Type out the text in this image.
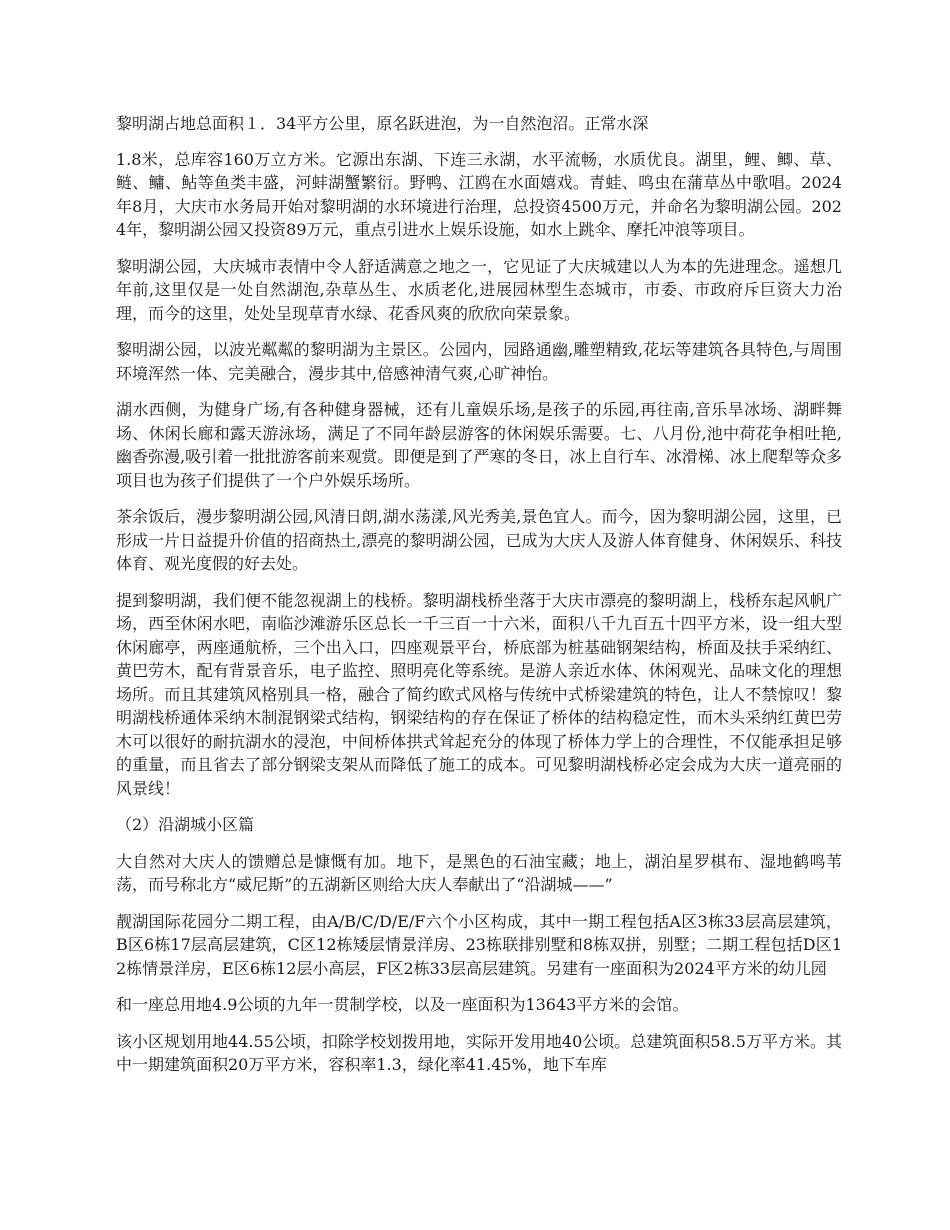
黎明湖占地总面积１．34平方公里，原名跃进泡，为一自然泡沼。正常水深

1.8米，总库容160万立方米。它源出东湖、下连三永湖，水平流畅，水质优良。湖里，鲤、鲫、草、鲢、鳙、鲇等鱼类丰盛，河蚌湖蟹繁衍。野鸭、江鸥在水面嬉戏。青蛙、鸣虫在蒲草丛中歌唱。2024年8月，大庆市水务局开始对黎明湖的水环境进行治理，总投资4500万元，并命名为黎明湖公园。2024年，黎明湖公园又投资89万元，重点引进水上娱乐设施，如水上跳伞、摩托冲浪等项目。

黎明湖公园，大庆城市表情中令人舒适满意之地之一，它见证了大庆城建以人为本的先进理念。遥想几年前,这里仅是一处自然湖泡,杂草丛生、水质老化,进展园林型生态城市，市委、市政府斥巨资大力治理，而今的这里，处处呈现草青水绿、花香风爽的欣欣向荣景象。

黎明湖公园，以波光粼粼的黎明湖为主景区。公园内，园路通幽,雕塑精致,花坛等建筑各具特色,与周围环境浑然一体、完美融合，漫步其中,倍感神清气爽,心旷神怡。

湖水西侧，为健身广场,有各种健身器械，还有儿童娱乐场,是孩子的乐园,再往南,音乐旱冰场、湖畔舞场、休闲长廊和露天游泳场，满足了不同年龄层游客的休闲娱乐需要。七、八月份,池中荷花争相吐艳,幽香弥漫,吸引着一批批游客前来观赏。即便是到了严寒的冬日，冰上自行车、冰滑梯、冰上爬犁等众多项目也为孩子们提供了一个户外娱乐场所。

茶余饭后，漫步黎明湖公园,风清日朗,湖水荡漾,风光秀美,景色宜人。而今，因为黎明湖公园，这里，已形成一片日益提升价值的招商热土,漂亮的黎明湖公园，已成为大庆人及游人体育健身、休闲娱乐、科技体育、观光度假的好去处。

提到黎明湖，我们便不能忽视湖上的栈桥。黎明湖栈桥坐落于大庆市漂亮的黎明湖上，栈桥东起风帆广场，西至休闲水吧，南临沙滩游乐区总长一千三百一十六米，面积八千九百五十四平方米，设一组大型休闲廊亭，两座通航桥，三个出入口，四座观景平台，桥底部为桩基础钢架结构，桥面及扶手采纳红、黄巴劳木，配有背景音乐，电子监控、照明亮化等系统。是游人亲近水体、休闲观光、品味文化的理想场所。而且其建筑风格别具一格，融合了简约欧式风格与传统中式桥梁建筑的特色，让人不禁惊叹！黎明湖栈桥通体采纳木制混钢梁式结构，钢梁结构的存在保证了桥体的结构稳定性，而木头采纳红黄巴劳木可以很好的耐抗湖水的浸泡，中间桥体拱式耸起充分的体现了桥体力学上的合理性，不仅能承担足够的重量，而且省去了部分钢梁支架从而降低了施工的成本。可见黎明湖栈桥必定会成为大庆一道亮丽的风景线！

（2）沿湖城小区篇

大自然对大庆人的馈赠总是慷慨有加。地下，是黑色的石油宝藏；地上，湖泊星罗棋布、湿地鹤鸣苇荡，而号称北方“威尼斯”的五湖新区则给大庆人奉献出了“沿湖城——”

靓湖国际花园分二期工程，由A/B/C/D/E/F六个小区构成，其中一期工程包括A区3栋33层高层建筑，B区6栋17层高层建筑，C区12栋矮层情景洋房、23栋联排别墅和8栋双拼，别墅；二期工程包括D区12栋情景洋房，E区6栋12层小高层，F区2栋33层高层建筑。另建有一座面积为2024平方米的幼儿园

和一座总用地4.9公顷的九年一贯制学校，以及一座面积为13643平方米的会馆。

该小区规划用地44.55公顷，扣除学校划拨用地，实际开发用地40公顷。总建筑面积58.5万平方米。其中一期建筑面积20万平方米，容积率1.3，绿化率41.45%，地下车库
